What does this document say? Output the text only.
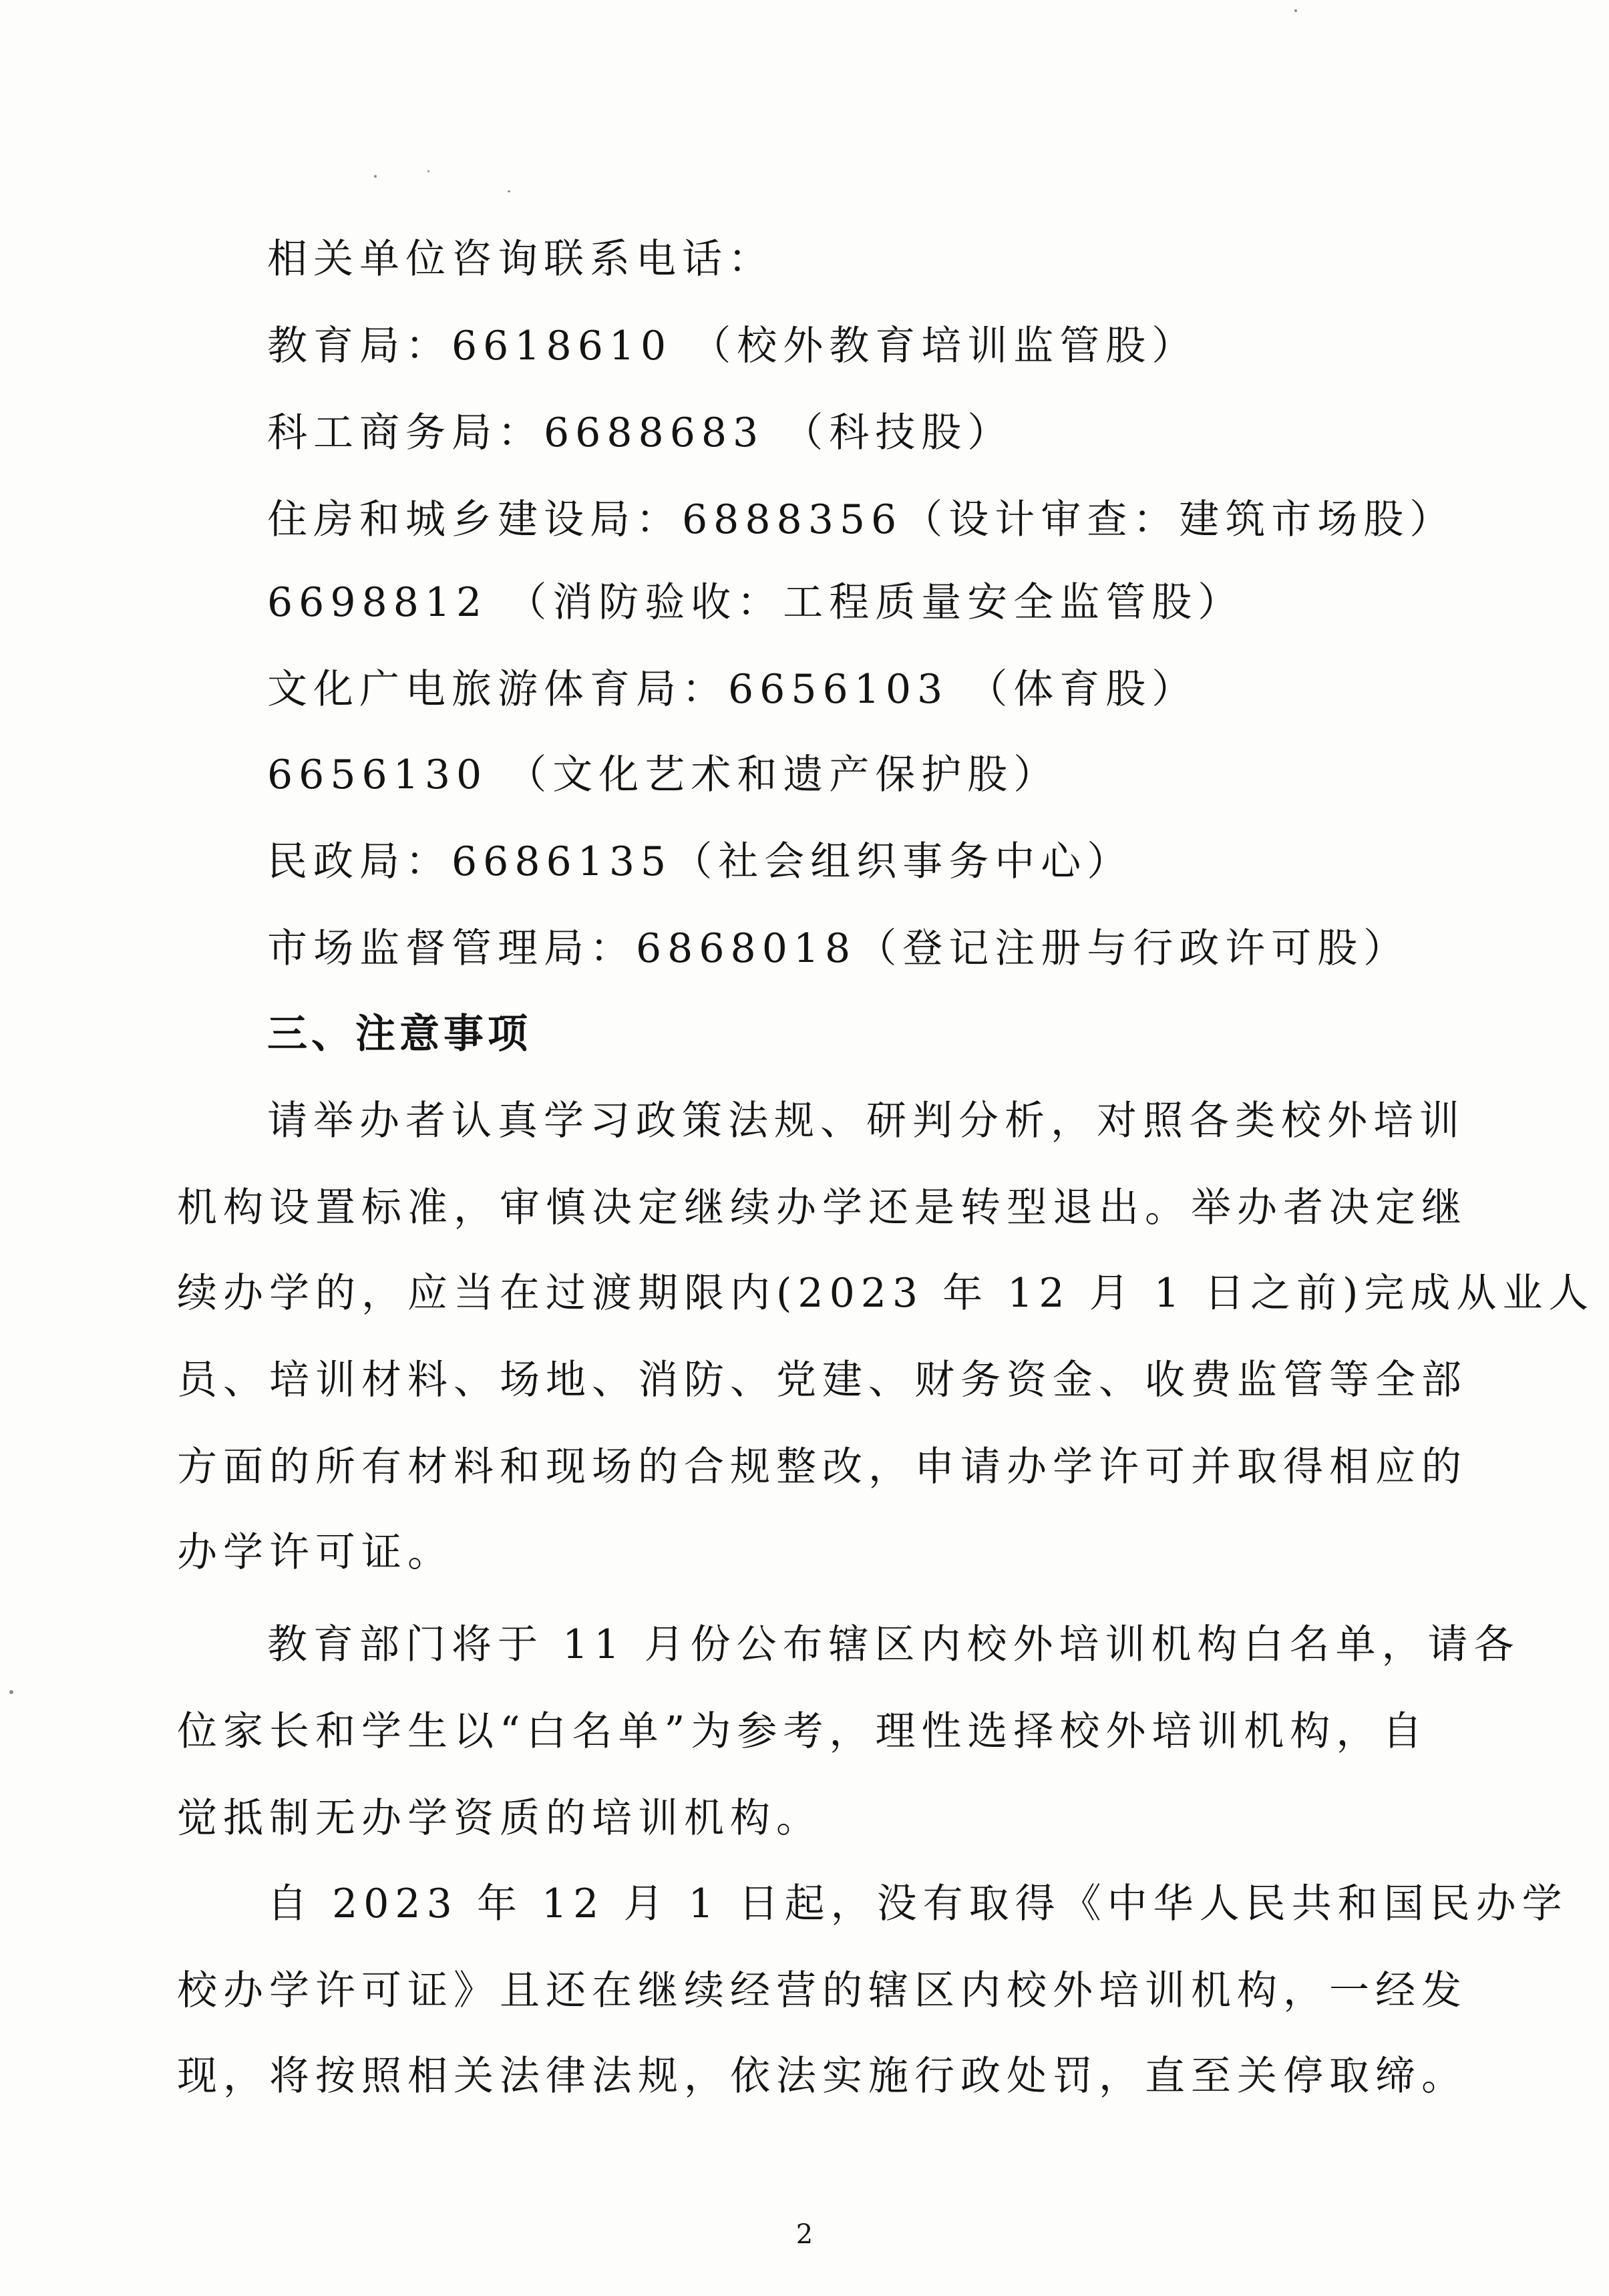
相关单位咨询联系电话：
教育局：6618610 （校外教育培训监管股）
科工商务局：6688683 （科技股）
住房和城乡建设局：6888356（设计审查：建筑市场股）
6698812 （消防验收：工程质量安全监管股）
文化广电旅游体育局：6656103 （体育股）
6656130 （文化艺术和遗产保护股）
民政局：6686135（社会组织事务中心）
市场监督管理局：6868018（登记注册与行政许可股）
三、注意事项
请举办者认真学习政策法规、研判分析，对照各类校外培训
机构设置标准，审慎决定继续办学还是转型退出。举办者决定继
续办学的，应当在过渡期限内(2023 年 12 月 1 日之前)完成从业人
员、培训材料、场地、消防、党建、财务资金、收费监管等全部
方面的所有材料和现场的合规整改，申请办学许可并取得相应的
办学许可证。
教育部门将于 11 月份公布辖区内校外培训机构白名单，请各
位家长和学生以“白名单”为参考，理性选择校外培训机构，自
觉抵制无办学资质的培训机构。
自 2023 年 12 月 1 日起，没有取得《中华人民共和国民办学
校办学许可证》且还在继续经营的辖区内校外培训机构，一经发
现，将按照相关法律法规，依法实施行政处罚，直至关停取缔。
2
